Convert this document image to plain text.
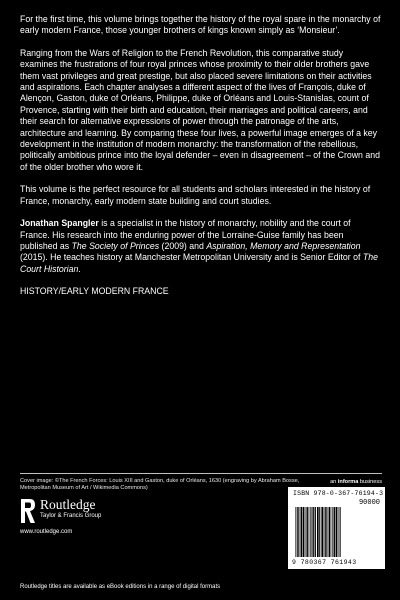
For the first time, this volume brings together the history of the royal spare in the monarchy of early modern France, those younger brothers of kings known simply as ‘Monsieur’.

Ranging from the Wars of Religion to the French Revolution, this comparative study examines the frustrations of four royal princes whose proximity to their older brothers gave them vast privileges and great prestige, but also placed severe limitations on their activities and aspirations. Each chapter analyses a different aspect of the lives of François, duke of Alençon, Gaston, duke of Orléans, Philippe, duke of Orléans and Louis-Stanislas, count of Provence, starting with their birth and education, their marriages and political careers, and their search for alternative expressions of power through the patronage of the arts, architecture and learning. By comparing these four lives, a powerful image emerges of a key development in the institution of modern monarchy: the transformation of the rebellious, politically ambitious prince into the loyal defender – even in disagreement – of the Crown and of the older brother who wore it.

This volume is the perfect resource for all students and scholars interested in the history of France, monarchy, early modern state building and court studies.

Jonathan Spangler is a specialist in the history of monarchy, nobility and the court of France. His research into the enduring power of the Lorraine-Guise family has been published as The Society of Princes (2009) and Aspiration, Memory and Representation (2015). He teaches history at Manchester Metropolitan University and is Senior Editor of The Court Historian.

HISTORY/EARLY MODERN FRANCE

Cover image: ©The French Forces: Louis XIII and Gaston, duke of Orléans, 1630 (engraving by Abraham Bosse, Metropolitan Museum of Art / Wikimedia Commons)
an informa business
Routledge
Taylor & Francis Group
www.routledge.com
Routledge titles are available as eBook editions in a range of digital formats
ISBN 978-0-367-76194-3
90000
9 780367 761943
